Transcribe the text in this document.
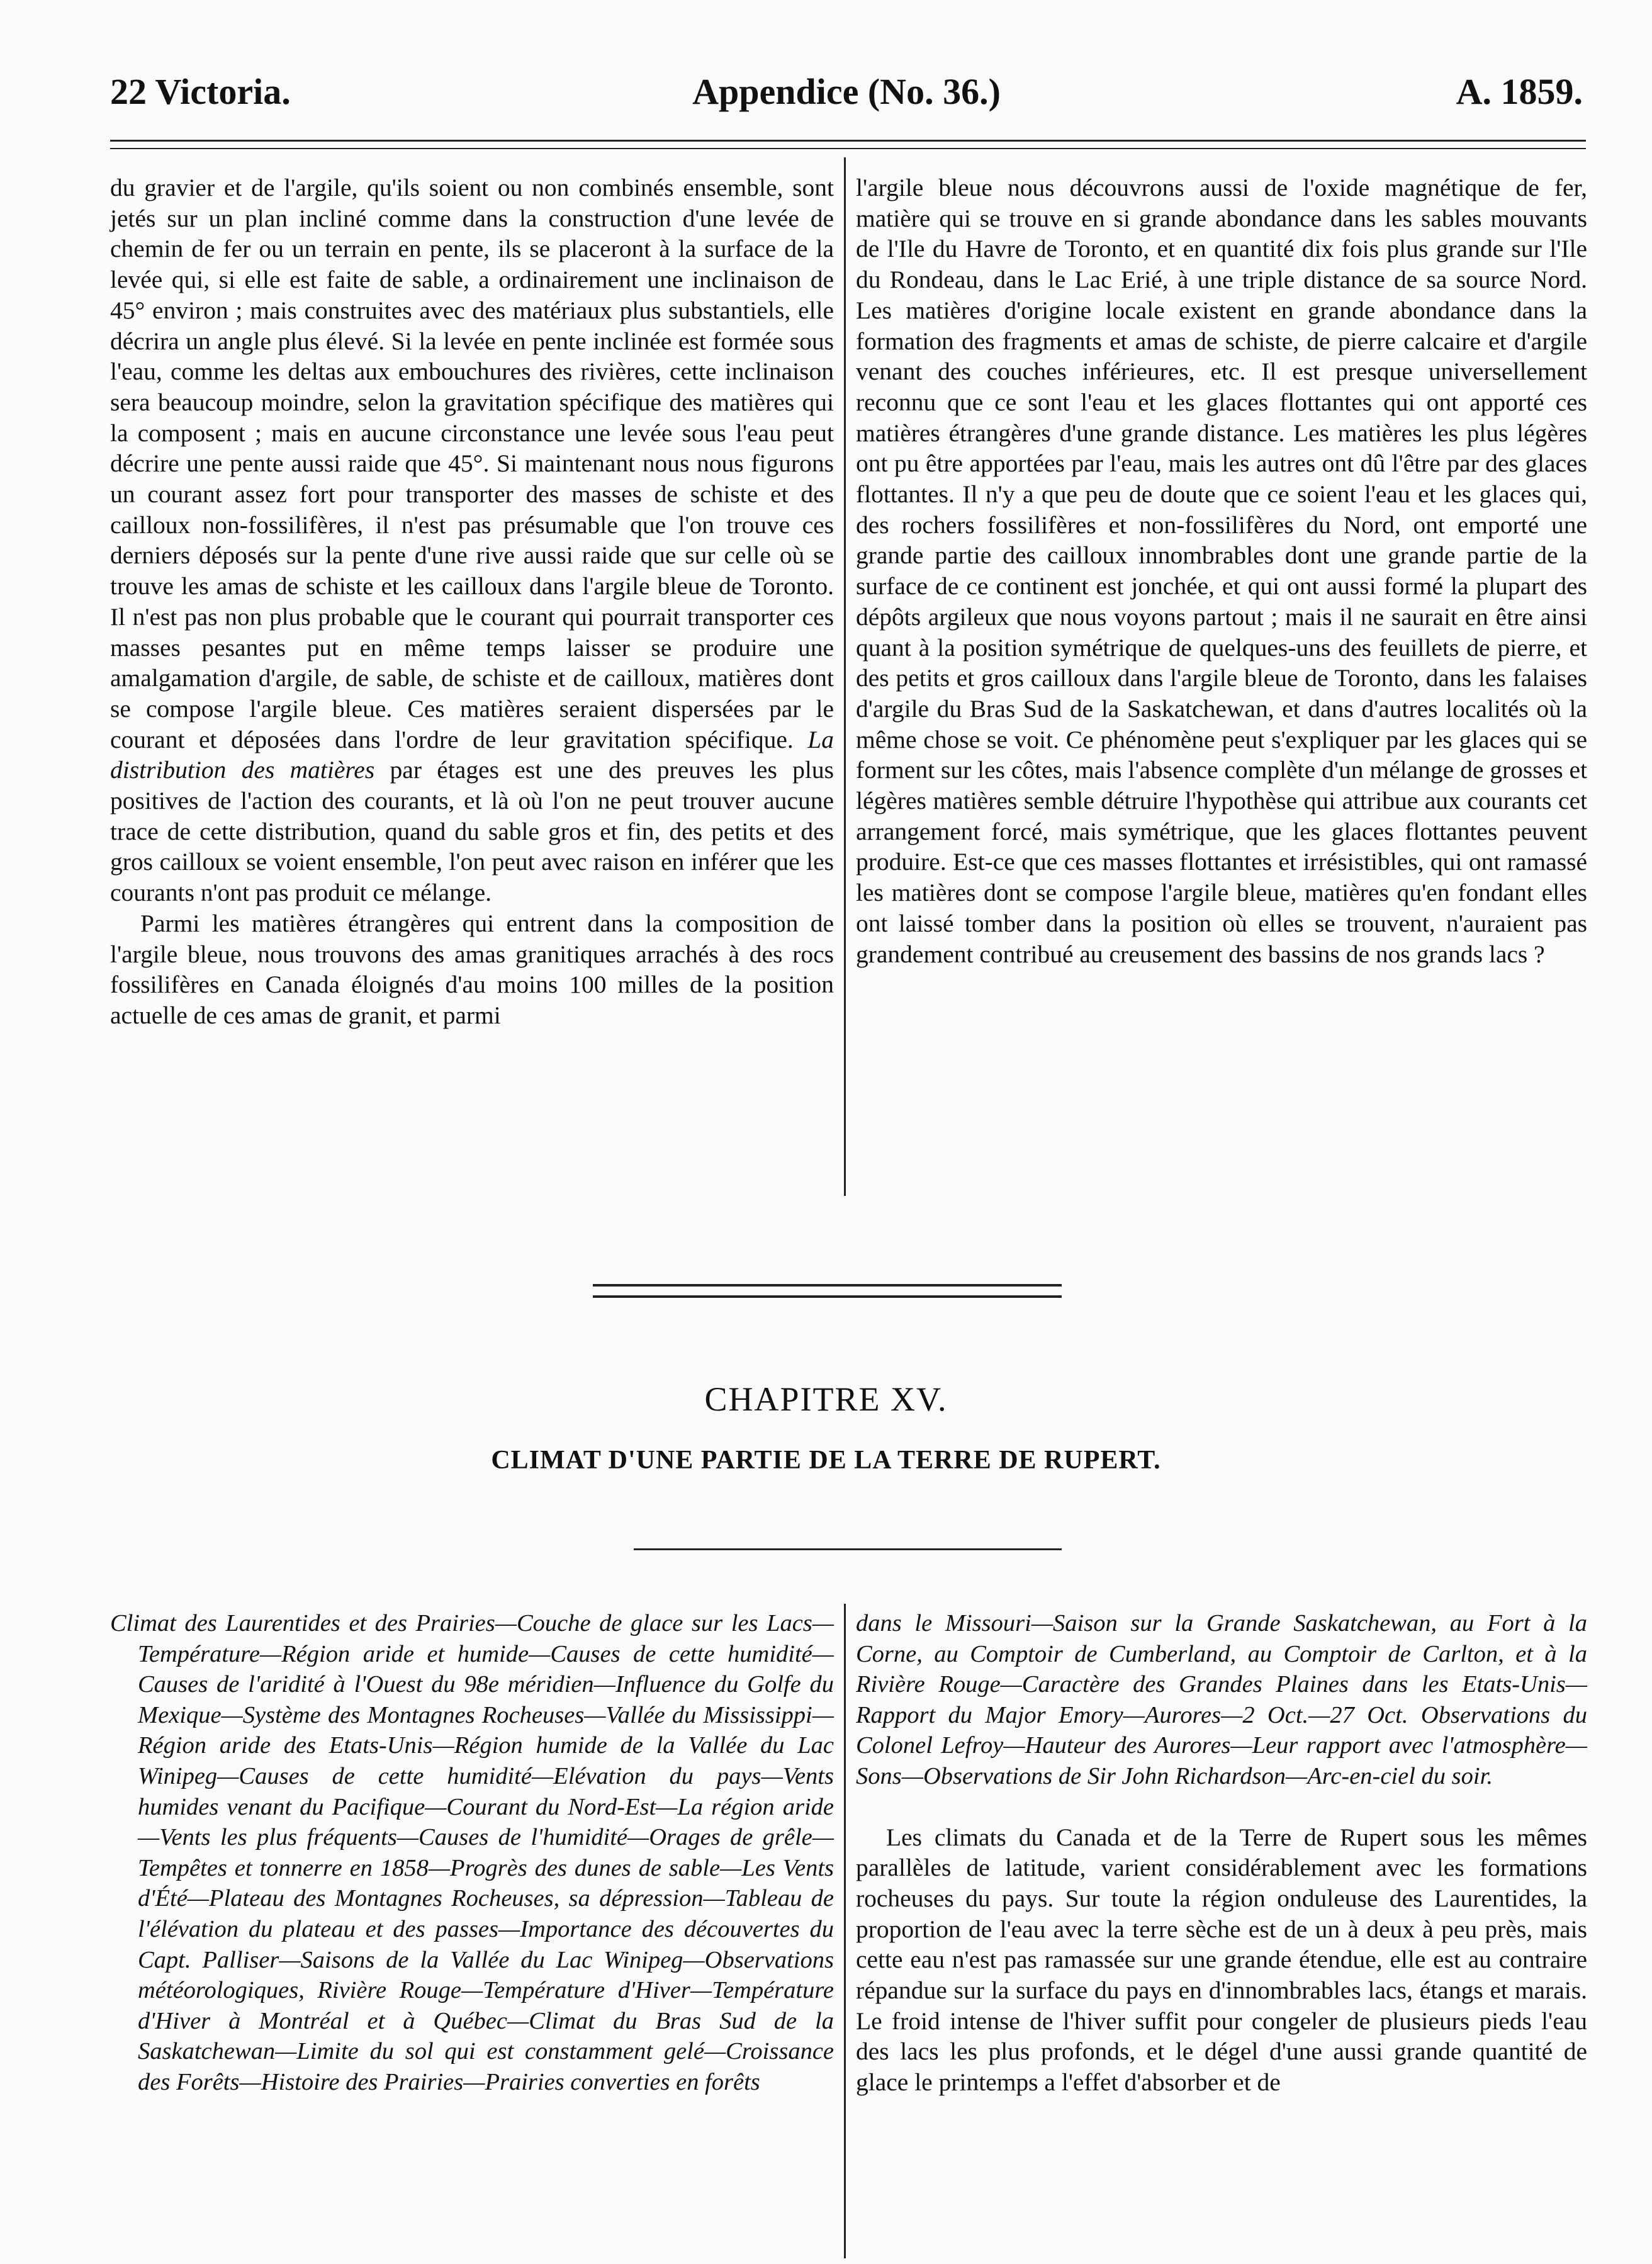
22 Victoria.	Appendice (No. 36.)	A. 1859.

du gravier et de l'argile, qu'ils soient ou non combinés ensemble, sont jetés sur un plan incliné comme dans la construction d'une levée de chemin de fer ou un terrain en pente, ils se placeront à la surface de la levée qui, si elle est faite de sable, a ordinairement une inclinaison de 45° environ ; mais construites avec des matériaux plus substantiels, elle décrira un angle plus élevé. Si la levée en pente inclinée est formée sous l'eau, comme les deltas aux embouchures des rivières, cette inclinaison sera beaucoup moindre, selon la gravitation spécifique des matières qui la composent ; mais en aucune circonstance une levée sous l'eau peut décrire une pente aussi raide que 45°. Si maintenant nous nous figurons un courant assez fort pour transporter des masses de schiste et des cailloux non-fossilifères, il n'est pas présumable que l'on trouve ces derniers déposés sur la pente d'une rive aussi raide que sur celle où se trouve les amas de schiste et les cailloux dans l'argile bleue de Toronto. Il n'est pas non plus probable que le courant qui pourrait transporter ces masses pesantes put en même temps laisser se produire une amalgamation d'argile, de sable, de schiste et de cailloux, matières dont se compose l'argile bleue. Ces matières seraient dispersées par le courant et déposées dans l'ordre de leur gravitation spécifique. La distribution des matières par étages est une des preuves les plus positives de l'action des courants, et là où l'on ne peut trouver aucune trace de cette distribution, quand du sable gros et fin, des petits et des gros cailloux se voient ensemble, l'on peut avec raison en inférer que les courants n'ont pas produit ce mélange.

Parmi les matières étrangères qui entrent dans la composition de l'argile bleue, nous trouvons des amas granitiques arrachés à des rocs fossilifères en Canada éloignés d'au moins 100 milles de la position actuelle de ces amas de granit, et parmi

l'argile bleue nous découvrons aussi de l'oxide magnétique de fer, matière qui se trouve en si grande abondance dans les sables mouvants de l'Ile du Havre de Toronto, et en quantité dix fois plus grande sur l'Ile du Rondeau, dans le Lac Erié, à une triple distance de sa source Nord. Les matières d'origine locale existent en grande abondance dans la formation des fragments et amas de schiste, de pierre calcaire et d'argile venant des couches inférieures, etc. Il est presque universellement reconnu que ce sont l'eau et les glaces flottantes qui ont apporté ces matières étrangères d'une grande distance. Les matières les plus légères ont pu être apportées par l'eau, mais les autres ont dû l'être par des glaces flottantes. Il n'y a que peu de doute que ce soient l'eau et les glaces qui, des rochers fossilifères et non-fossilifères du Nord, ont emporté une grande partie des cailloux innombrables dont une grande partie de la surface de ce continent est jonchée, et qui ont aussi formé la plupart des dépôts argileux que nous voyons partout ; mais il ne saurait en être ainsi quant à la position symétrique de quelques-uns des feuillets de pierre, et des petits et gros cailloux dans l'argile bleue de Toronto, dans les falaises d'argile du Bras Sud de la Saskatchewan, et dans d'autres localités où la même chose se voit. Ce phénomène peut s'expliquer par les glaces qui se forment sur les côtes, mais l'absence complète d'un mélange de grosses et légères matières semble détruire l'hypothèse qui attribue aux courants cet arrangement forcé, mais symétrique, que les glaces flottantes peuvent produire. Est-ce que ces masses flottantes et irrésistibles, qui ont ramassé les matières dont se compose l'argile bleue, matières qu'en fondant elles ont laissé tomber dans la position où elles se trouvent, n'auraient pas grandement contribué au creusement des bassins de nos grands lacs ?

CHAPITRE XV.
CLIMAT D'UNE PARTIE DE LA TERRE DE RUPERT.

Climat des Laurentides et des Prairies—Couche de glace sur les Lacs—Température—Région aride et humide—Causes de cette humidité—Causes de l'aridité à l'Ouest du 98e méridien—Influence du Golfe du Mexique—Système des Montagnes Rocheuses—Vallée du Mississippi—Région aride des Etats-Unis—Région humide de la Vallée du Lac Winipeg—Causes de cette humidité—Elévation du pays—Vents humides venant du Pacifique—Courant du Nord-Est—La région aride—Vents les plus fréquents—Causes de l'humidité—Orages de grêle—Tempêtes et tonnerre en 1858—Progrès des dunes de sable—Les Vents d'Été—Plateau des Montagnes Rocheuses, sa dépression—Tableau de l'élévation du plateau et des passes—Importance des découvertes du Capt. Palliser—Saisons de la Vallée du Lac Winipeg—Observations météorologiques, Rivière Rouge—Température d'Hiver—Température d'Hiver à Montréal et à Québec—Climat du Bras Sud de la Saskatchewan—Limite du sol qui est constamment gelé—Croissance des Forêts—Histoire des Prairies—Prairies converties en forêts

dans le Missouri—Saison sur la Grande Saskatchewan, au Fort à la Corne, au Comptoir de Cumberland, au Comptoir de Carlton, et à la Rivière Rouge—Caractère des Grandes Plaines dans les Etats-Unis—Rapport du Major Emory—Aurores—2 Oct.—27 Oct. Observations du Colonel Lefroy—Hauteur des Aurores—Leur rapport avec l'atmosphère—Sons—Observations de Sir John Richardson—Arc-en-ciel du soir.

Les climats du Canada et de la Terre de Rupert sous les mêmes parallèles de latitude, varient considérablement avec les formations rocheuses du pays. Sur toute la région onduleuse des Laurentides, la proportion de l'eau avec la terre sèche est de un à deux à peu près, mais cette eau n'est pas ramassée sur une grande étendue, elle est au contraire répandue sur la surface du pays en d'innombrables lacs, étangs et marais. Le froid intense de l'hiver suffit pour congeler de plusieurs pieds l'eau des lacs les plus profonds, et le dégel d'une aussi grande quantité de glace le printemps a l'effet d'absorber et de
